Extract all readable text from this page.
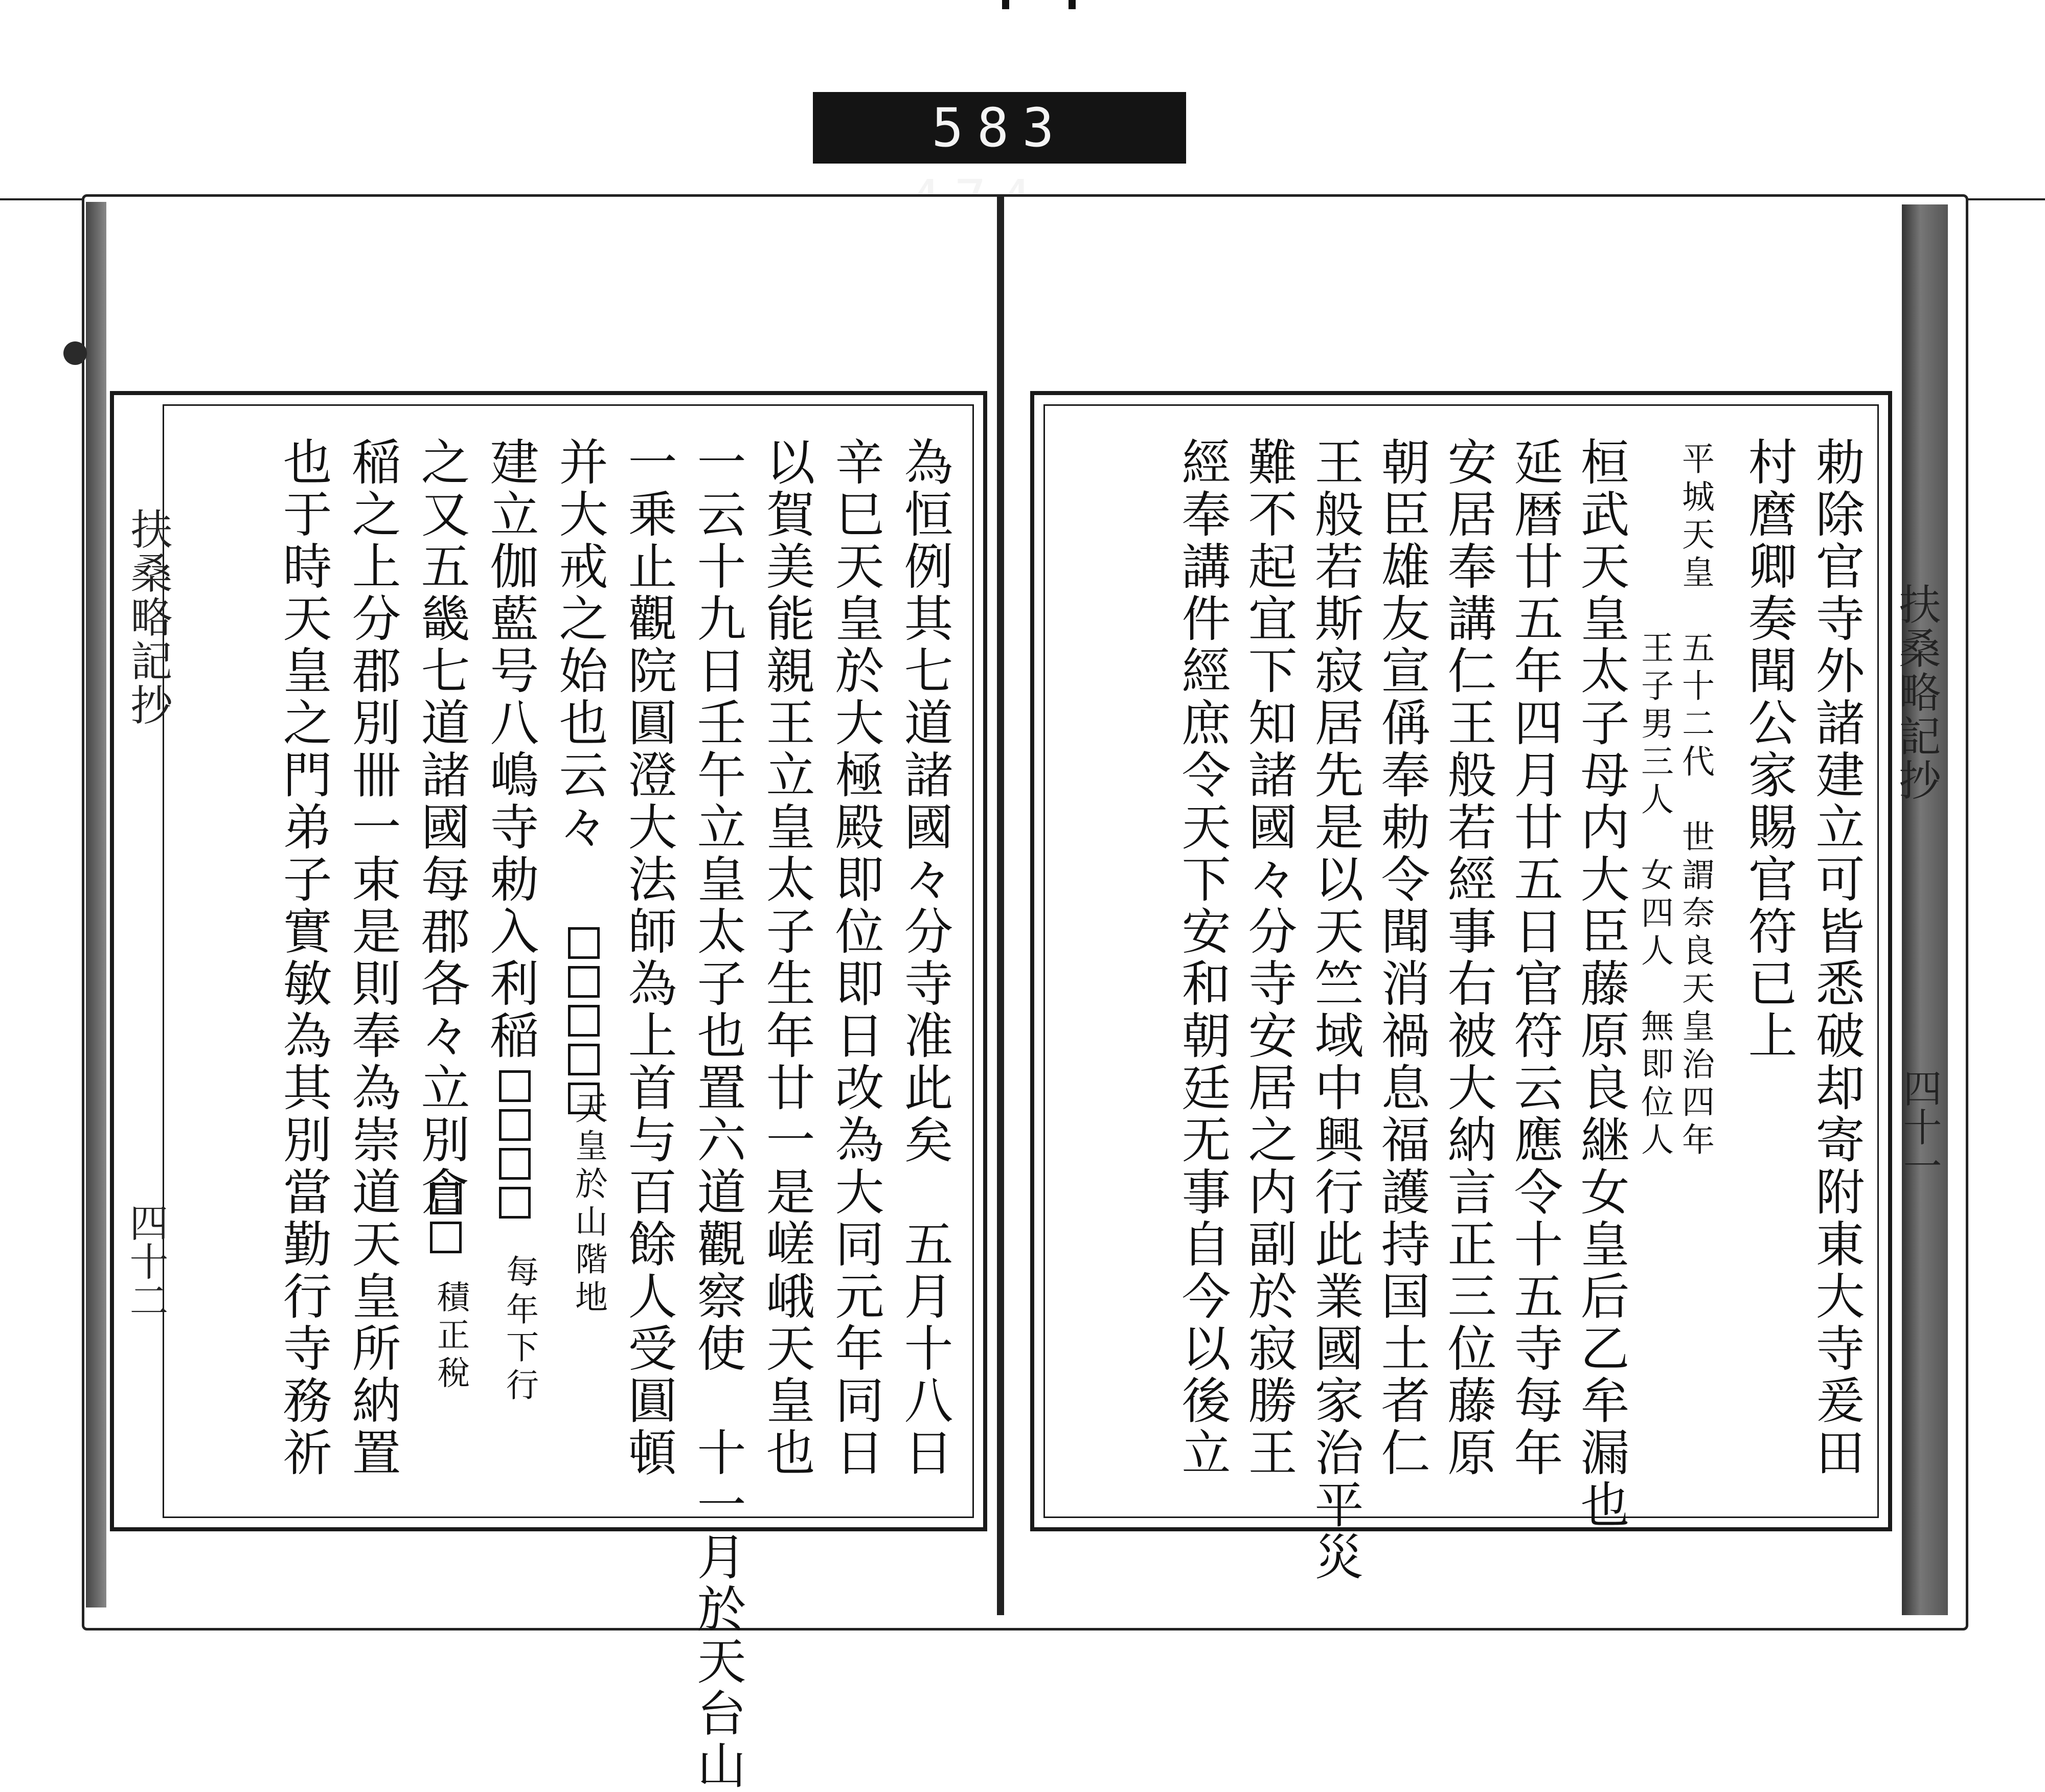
583
為恒例其七道諸國々分寺准此矣　五月十八日
辛巳天皇於大極殿即位即日改為大同元年同日
以賀美能親王立皇太子生年廿一是嵯峨天皇也
一云十九日壬午立皇太子也置六道觀察使　十一月於天台山
一乗止觀院圓澄大法師為上首与百餘人受圓頓
并大戒之始也云々
建立伽藍号八嶋寺勅入利稲
之又五畿七道諸國每郡各々立別倉
稲之上分郡別卌一束是則奉為崇道天皇所納置
也于時天皇之門弟子實敏為其別當勤行寺務祈	天皇於山階地
每年下行
積正稅
扶桑略記抄
四十二	勅除官寺外諸建立可皆悉破却寄附東大寺爰田
村麿卿奏聞公家賜官符已上
平城天皇　五十二代　世謂奈良天皇治四年
　　　　　王子男三人　女四人　無即位人
桓武天皇太子母内大臣藤原良継女皇后乙牟漏也
延暦廿五年四月廿五日官符云應令十五寺每年
安居奉講仁王般若經事右被大納言正三位藤原
朝臣雄友宣偁奉勅令聞消禍息福護持国土者仁
王般若斯寂居先是以天竺域中興行此業國家治平災
難不起宜下知諸國々分寺安居之内副於寂勝王
經奉講件經庶令天下安和朝廷无事自今以後立	扶桑略記抄
四十一
